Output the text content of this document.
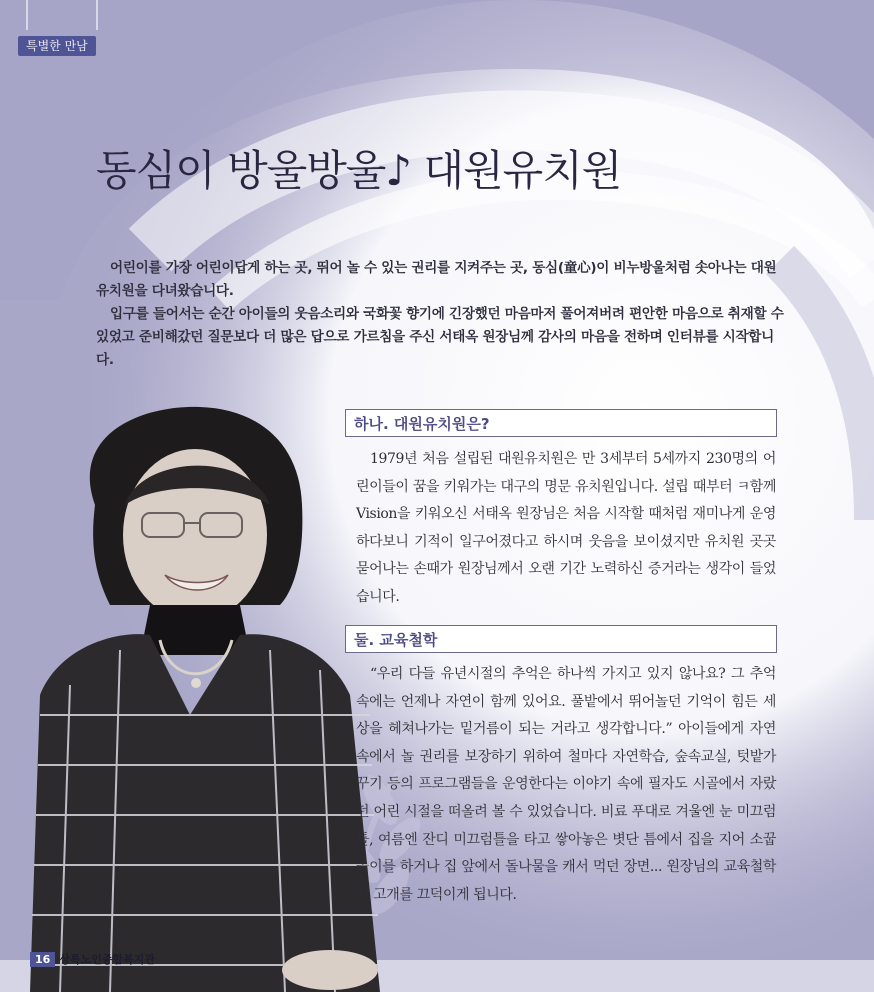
특별한 만남
동심이 방울방울♪ 대원유치원

어린이를 가장 어린이답게 하는 곳, 뛰어 놀 수 있는 권리를 지켜주는 곳, 동심(童心)이 비누방울처럼 솟아나는 대원유치원을 다녀왔습니다.

입구를 들어서는 순간 아이들의 웃음소리와 국화꽃 향기에 긴장했던 마음마저 풀어져버려 편안한 마음으로 취재할 수 있었고 준비해갔던 질문보다 더 많은 답으로 가르침을 주신 서태옥 원장님께 감사의 마음을 전하며 인터뷰를 시작합니다.

하나. 대원유치원은?

1979년 처음 설립된 대원유치원은 만 3세부터 5세까지 230명의 어린이들이 꿈을 키워가는 대구의 명문 유치원입니다. 설립 때부터 ㅋ함께 Vision을 키워오신 서태옥 원장님은 처음 시작할 때처럼 재미나게 운영하다보니 기적이 일구어졌다고 하시며 웃음을 보이셨지만 유치원 곳곳 묻어나는 손때가 원장님께서 오랜 기간 노력하신 증거라는 생각이 들었습니다.

둘. 교육철학

“우리 다들 유년시절의 추억은 하나씩 가지고 있지 않나요? 그 추억 속에는 언제나 자연이 함께 있어요. 풀밭에서 뛰어놀던 기억이 힘든 세상을 헤쳐나가는 밑거름이 되는 거라고 생각합니다.” 아이들에게 자연 속에서 놀 권리를 보장하기 위하여 철마다 자연학습, 숲속교실, 텃밭가꾸기 등의 프로그램들을 운영한다는 이야기 속에 필자도 시골에서 자랐던 어린 시절을 떠올려 볼 수 있었습니다. 비료 푸대로 겨울엔 눈 미끄럼틀, 여름엔 잔디 미끄럼틀을 타고 쌓아놓은 볏단 틈에서 집을 지어 소꿉놀이를 하거나 집 앞에서 돌나물을 캐서 먹던 장면... 원장님의 교육철학에 고개를 끄덕이게 됩니다.

16 상록노인종합복지관
